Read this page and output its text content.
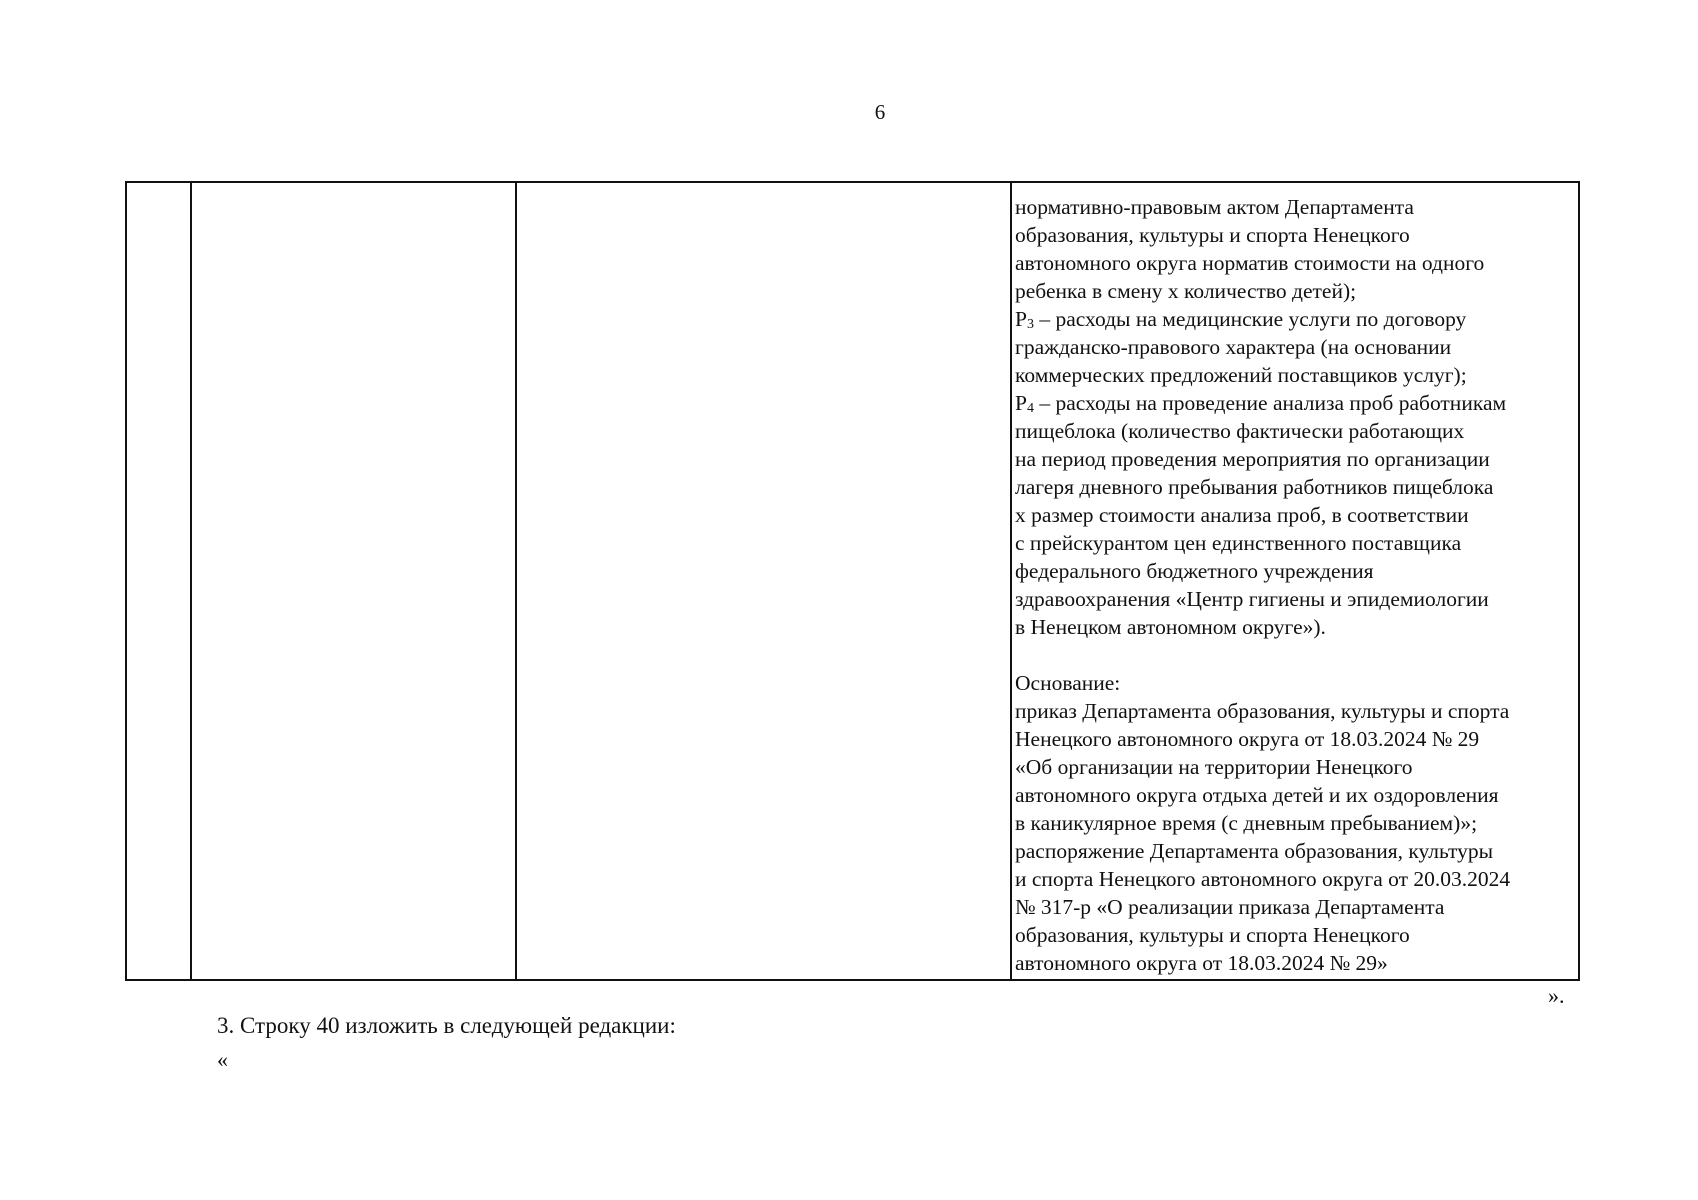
6
нормативно-правовым актом Департамента
образования, культуры и спорта Ненецкого
автономного округа норматив стоимости на одного
ребенка в смену х количество детей);
$Р_3$ – расходы на медицинские услуги по договору
гражданско-правового характера (на основании
коммерческих предложений поставщиков услуг);
$Р_4$ – расходы на проведение анализа проб работникам
пищеблока (количество фактически работающих
на период проведения мероприятия по организации
лагеря дневного пребывания работников пищеблока
х размер стоимости анализа проб, в соответствии
с прейскурантом цен единственного поставщика
федерального бюджетного учреждения
здравоохранения «Центр гигиены и эпидемиологии
в Ненецком автономном округе»).
Основание:
приказ Департамента образования, культуры и спорта
Ненецкого автономного округа от 18.03.2024 № 29
«Об организации на территории Ненецкого
автономного округа отдыха детей и их оздоровления
в каникулярное время (с дневным пребыванием)»;
распоряжение Департамента образования, культуры
и спорта Ненецкого автономного округа от 20.03.2024
№ 317-р «О реализации приказа Департамента
образования, культуры и спорта Ненецкого
автономного округа от 18.03.2024 № 29»
».
3. Строку 40 изложить в следующей редакции:
«
